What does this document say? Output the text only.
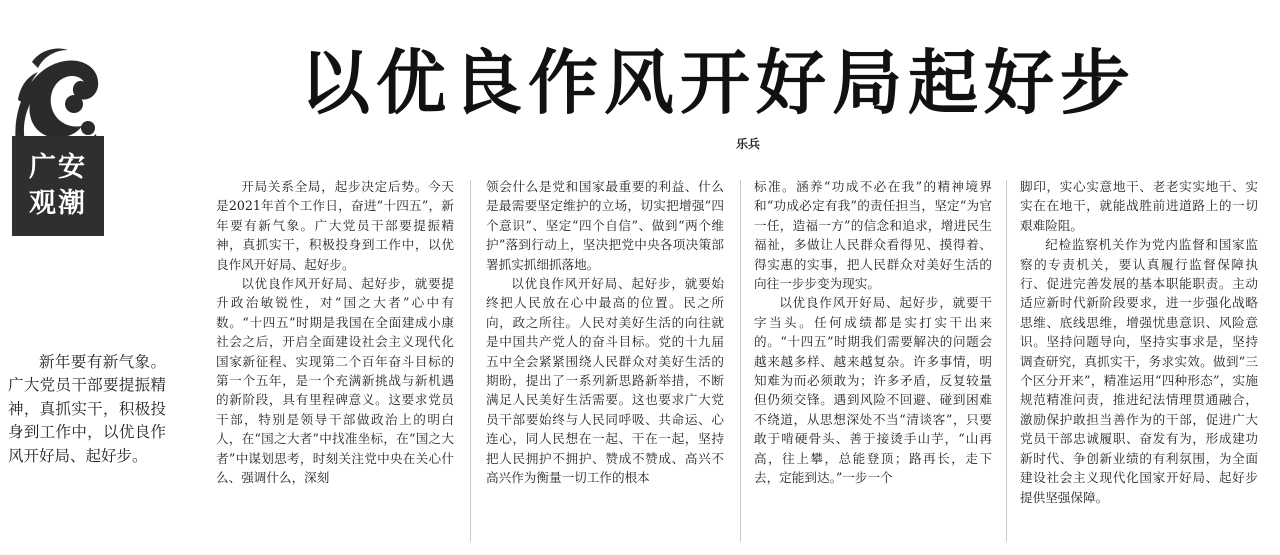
广安
观潮
以优良作风开好局起好步
乐兵

新年要有新气象。广大党员干部要提振精神，真抓实干，积极投身到工作中，以优良作风开好局、起好步。

开局关系全局，起步决定后势。今天是2021年首个工作日，奋进“十四五”，新年要有新气象。广大党员干部要提振精神，真抓实干，积极投身到工作中，以优良作风开好局、起好步。

以优良作风开好局、起好步，就要提升政治敏锐性，对“国之大者”心中有数。“十四五”时期是我国在全面建成小康社会之后，开启全面建设社会主义现代化国家新征程、实现第二个百年奋斗目标的第一个五年，是一个充满新挑战与新机遇的新阶段，具有里程碑意义。这要求党员干部，特别是领导干部做政治上的明白人，在“国之大者”中找准坐标，在“国之大者”中谋划思考，时刻关注党中央在关心什么、强调什么，深刻

领会什么是党和国家最重要的利益、什么是最需要坚定维护的立场，切实把增强“四个意识”、坚定“四个自信”、做到“两个维护”落到行动上，坚决把党中央各项决策部署抓实抓细抓落地。

以优良作风开好局、起好步，就要始终把人民放在心中最高的位置。民之所向，政之所往。人民对美好生活的向往就是中国共产党人的奋斗目标。党的十九届五中全会紧紧围绕人民群众对美好生活的期盼，提出了一系列新思路新举措，不断满足人民美好生活需要。这也要求广大党员干部要始终与人民同呼吸、共命运、心连心，同人民想在一起、干在一起，坚持把人民拥护不拥护、赞成不赞成、高兴不高兴作为衡量一切工作的根本

标准。涵养“功成不必在我”的精神境界和“功成必定有我”的责任担当，坚定“为官一任，造福一方”的信念和追求，增进民生福祉，多做让人民群众看得见、摸得着、得实惠的实事，把人民群众对美好生活的向往一步步变为现实。

以优良作风开好局、起好步，就要干字当头。任何成绩都是实打实干出来的。“十四五”时期我们需要解决的问题会越来越多样、越来越复杂。许多事情，明知难为而必须敢为；许多矛盾，反复较量但仍须交锋。遇到风险不回避、碰到困难不绕道，从思想深处不当“清谈客”，只要敢于啃硬骨头、善于接烫手山芋，“山再高，往上攀，总能登顶；路再长，走下去，定能到达。”一步一个

脚印，实心实意地干、老老实实地干、实实在在地干，就能战胜前进道路上的一切艰难险阻。

纪检监察机关作为党内监督和国家监察的专责机关，要认真履行监督保障执行、促进完善发展的基本职能职责。主动适应新时代新阶段要求，进一步强化战略思维、底线思维，增强忧患意识、风险意识。坚持问题导向，坚持实事求是，坚持调查研究，真抓实干，务求实效。做到“三个区分开来”，精准运用“四种形态”，实施规范精准问责，推进纪法情理贯通融合，激励保护敢担当善作为的干部，促进广大党员干部忠诚履职、奋发有为，形成建功新时代、争创新业绩的有利氛围，为全面建设社会主义现代化国家开好局、起好步提供坚强保障。
